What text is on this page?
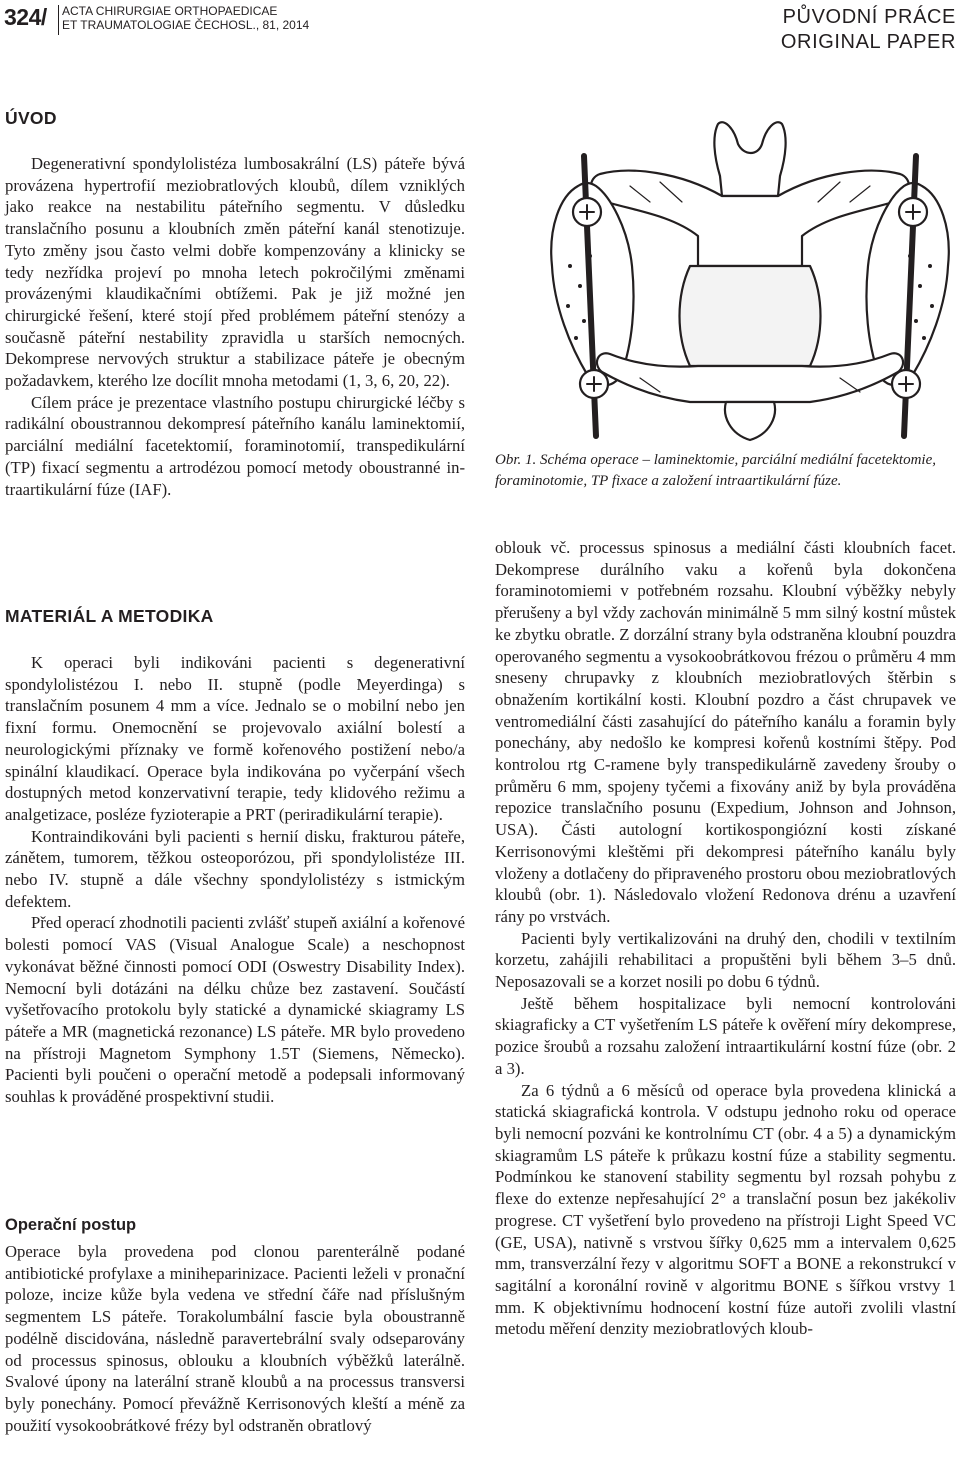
324/ ACTA CHIRURGIAE ORTHOPAEDICAE
ET TRAUMATOLOGIAE ČECHOSL., 81, 2014	PŮVODNÍ PRÁCE
ORIGINAL PAPER
ÚVOD

Degenerativní spondylolistéza lumbosakrální (LS) páteře bývá provázena hypertrofií meziobratlových kloubů, dílem vzniklých jako reakce na nestabilitu páteřního segmentu. V důsledku translačního posunu a kloubních změn páteřní kanál stenotizuje. Tyto změny jsou často velmi dobře kompenzovány a klinicky se tedy nezřídka projeví po mnoha letech pokročilými změnami provázenými klaudikačními obtížemi. Pak je již možné jen chirurgické řešení, které stojí před problémem páteřní stenózy a současně páteřní nestability zpravidla u starších nemocných. Dekomprese nervových struktur a stabilizace páteře je obecným požadavkem, kterého lze docílit mnoha metodami (1, 3, 6, 20, 22).

Cílem práce je prezentace vlastního postupu chirurgické léčby s radikální oboustrannou dekompresí páteřního kanálu laminektomií, parciální mediální facetektomií, foraminotomií, transpedikulární (TP) fixací segmentu a artrodézou pomocí metody oboustranné intraartikulární fúze (IAF).

MATERIÁL A METODIKA

K operaci byli indikováni pacienti s degenerativní spondylolistézou I. nebo II. stupně (podle Meyerdinga) s translačním posunem 4 mm a více. Jednalo se o mobilní nebo jen fixní formu. Onemocnění se projevovalo axiální bolestí a neurologickými příznaky ve formě kořenového postižení nebo/a spinální klaudikací. Operace byla indikována po vyčerpání všech dostupných metod konzervativní terapie, tedy klidového režimu a analgetizace, posléze fyzioterapie a PRT (periradikulární terapie).

Kontraindikováni byli pacienti s hernií disku, frakturou páteře, zánětem, tumorem, těžkou osteoporózou, při spondylolistéze III. nebo IV. stupně a dále všechny spondylolistézy s istmickým defektem.

Před operací zhodnotili pacienti zvlášť stupeň axiální a kořenové bolesti pomocí VAS (Visual Analogue Scale) a neschopnost vykonávat běžné činnosti pomocí ODI (Oswestry Disability Index). Nemocní byli dotázáni na délku chůze bez zastavení. Součástí vyšetřovacího protokolu byly statické a dynamické skiagramy LS páteře a MR (magnetická rezonance) LS páteře. MR bylo provedeno na přístroji Magnetom Symphony 1.5T (Siemens, Německo). Pacienti byli poučeni o operační metodě a podepsali informovaný souhlas k prováděné prospektivní studii.

Operační postup

Operace byla provedena pod clonou parenterálně podané antibiotické profylaxe a miniheparinizace. Pacienti leželi v pronační poloze, incize kůže byla vedena ve střední čáře nad příslušným segmentem LS páteře. Torakolumbální fascie byla oboustranně podélně discidována, následně paravertebrální svaly odseparovány od processus spinosus, oblouku a kloubních výběžků laterálně. Svalové úpony na laterální straně kloubů a na processus transversi byly ponechány. Pomocí převážně Kerrisonových kleští a méně za použití vysokoobrátkové frézy byl odstraněn obratlový

Obr. 1. Schéma operace – laminektomie, parciální mediální facetektomie, foraminotomie, TP fixace a založení intraartikulární fúze.

oblouk vč. processus spinosus a mediální části kloubních facet. Dekomprese durálního vaku a kořenů byla dokončena foraminotomiemi v potřebném rozsahu. Kloubní výběžky nebyly přerušeny a byl vždy zachován minimálně 5 mm silný kostní můstek ke zbytku obratle. Z dorzální strany byla odstraněna kloubní pouzdra operovaného segmentu a vysokoobrátkovou frézou o průměru 4 mm sneseny chrupavky z kloubních meziobratlových štěrbin s obnažením kortikální kosti. Kloubní pozdro a část chrupavek ve ventromediální části zasahující do páteřního kanálu a foramin byly ponechány, aby nedošlo ke kompresi kořenů kostními štěpy. Pod kontrolou rtg C-ramene byly transpedikulárně zavedeny šrouby o průměru 6 mm, spojeny tyčemi a fixovány aniž by byla prováděna repozice translačního posunu (Expedium, Johnson and Johnson, USA). Části autologní kortikospongiózní kosti získané Kerrisonovými kleštěmi při dekompresi páteřního kanálu byly vloženy a dotlačeny do připraveného prostoru obou meziobratlových kloubů (obr. 1). Následovalo vložení Redonova drénu a uzavření rány po vrstvách.

Pacienti byly vertikalizováni na druhý den, chodili v textilním korzetu, zahájili rehabilitaci a propuštěni byli během 3–5 dnů. Neposazovali se a korzet nosili po dobu 6 týdnů.

Ještě během hospitalizace byli nemocní kontrolováni skiagraficky a CT vyšetřením LS páteře k ověření míry dekomprese, pozice šroubů a rozsahu založení intraartikulární kostní fúze (obr. 2 a 3).

Za 6 týdnů a 6 měsíců od operace byla provedena klinická a statická skiagrafická kontrola. V odstupu jednoho roku od operace byli nemocní pozváni ke kontrolnímu CT (obr. 4 a 5) a dynamickým skiagramům LS páteře k průkazu kostní fúze a stability segmentu. Podmínkou ke stanovení stability segmentu byl rozsah pohybu z flexe do extenze nepřesahující 2° a translační posun bez jakékoliv progrese. CT vyšetření bylo provedeno na přístroji Light Speed VC (GE, USA), nativně s vrstvou šířky 0,625 mm a intervalem 0,625 mm, transverzální řezy v algoritmu SOFT a BONE a rekonstrukcí v sagitální a koronální rovině v algoritmu BONE s šířkou vrstvy 1 mm. K objektivnímu hodnocení kostní fúze autoři zvolili vlastní metodu měření denzity meziobratlových kloub-
